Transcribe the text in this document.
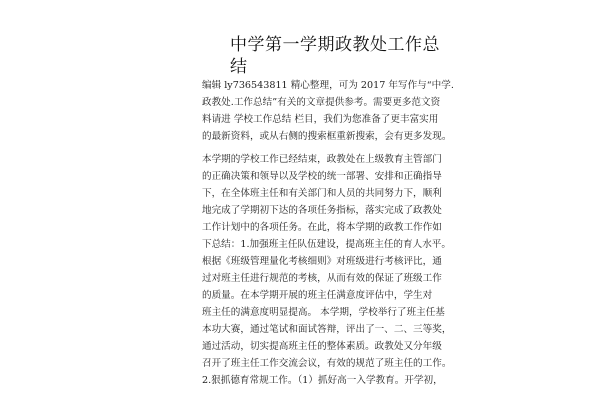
中学第一学期政教处工作总
结
编辑 ly736543811 精心整理，可为 2017 年写作与“中学.
政教处.工作总结”有关的文章提供参考。需要更多范文资
料请进 学校工作总结 栏目，我们为您准备了更丰富实用
的最新资料，或从右侧的搜索框重新搜索，会有更多发现。
本学期的学校工作已经结束，政教处在上级教育主管部门
的正确决策和领导以及学校的统一部署、安排和正确指导
下，在全体班主任和有关部门和人员的共同努力下，顺利
地完成了学期初下达的各项任务指标，落实完成了政教处
工作计划中的各项任务。在此，将本学期的政教工作作如
下总结：1.加强班主任队伍建设，提高班主任的育人水平。
根据《班级管理量化考核细则》对班级进行考核评比，通
过对班主任进行规范的考核，从而有效的保证了班级工作
的质量。在本学期开展的班主任满意度评估中，学生对
班主任的满意度明显提高。 本学期，学校举行了班主任基
本功大赛，通过笔试和面试答辩，评出了一、二、三等奖，
通过活动，切实提高班主任的整体素质。政教处又分年级
召开了班主任工作交流会议，有效的规范了班主任的工作。
2.狠抓德育常规工作。（1）抓好高一入学教育。开学初，
